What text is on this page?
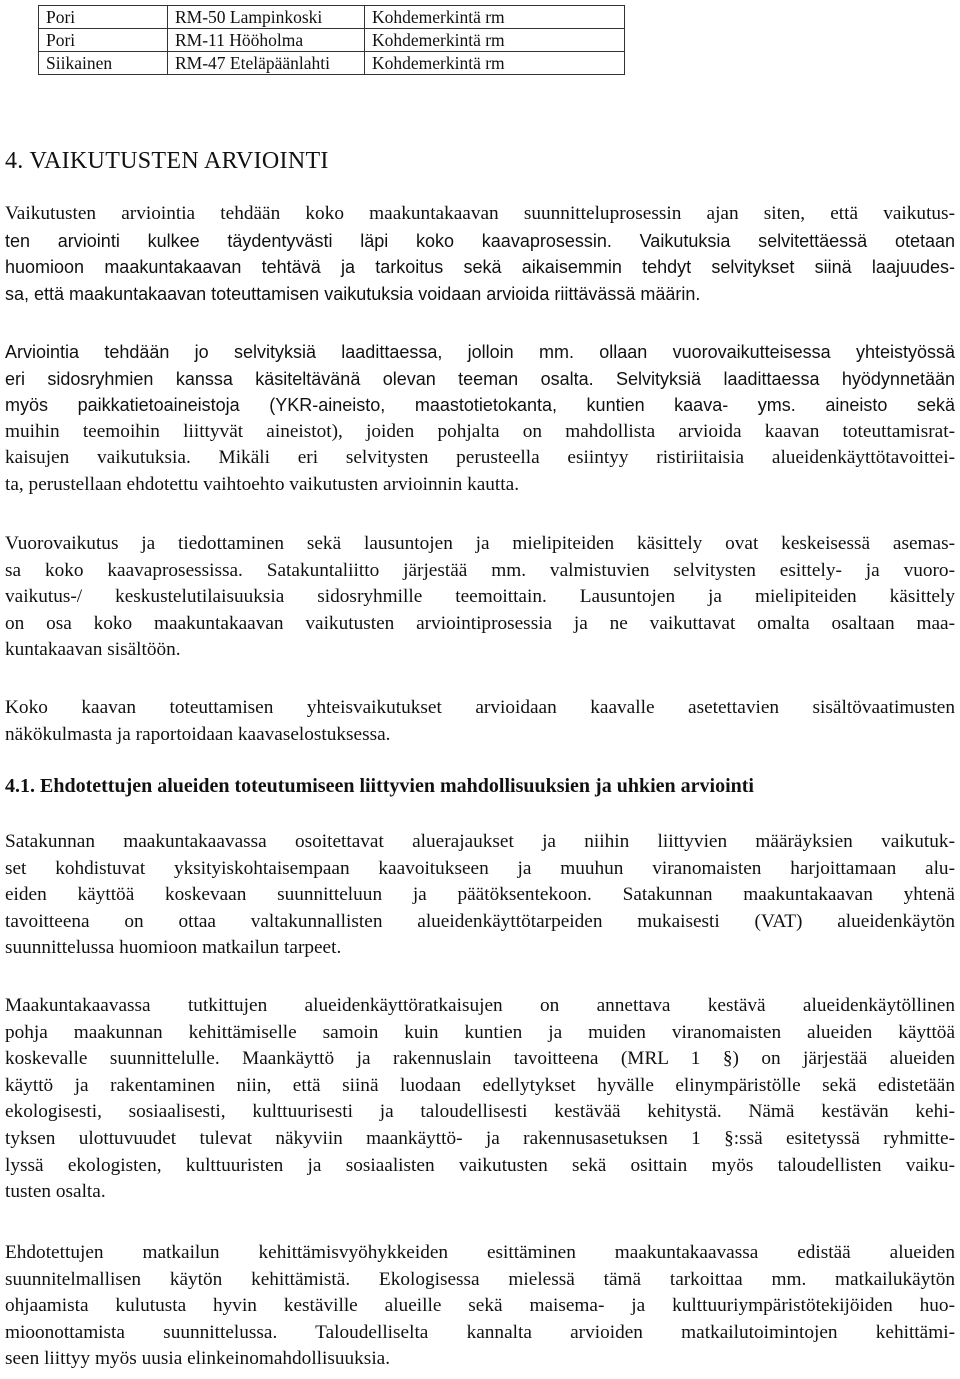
Pori	RM-50 Lampinkoski	Kohdemerkintä rm
Pori	RM-11 Hööholma	Kohdemerkintä rm
Siikainen	RM-47 Eteläpäänlahti	Kohdemerkintä rm
4. VAIKUTUSTEN ARVIOINTI

Vaikutusten arviointia tehdään koko maakuntakaavan suunnitteluprosessin ajan siten, että vaikutus-
ten arviointi kulkee täydentyvästi läpi koko kaavaprosessin. Vaikutuksia selvitettäessä otetaan
huomioon maakuntakaavan tehtävä ja tarkoitus sekä aikaisemmin tehdyt selvitykset siinä laajuudes-
sa, että maakuntakaavan toteuttamisen vaikutuksia voidaan arvioida riittävässä määrin.

Arviointia tehdään jo selvityksiä laadittaessa, jolloin mm. ollaan vuorovaikutteisessa yhteistyössä
eri sidosryhmien kanssa käsiteltävänä olevan teeman osalta. Selvityksiä laadittaessa hyödynnetään
myös paikkatietoaineistoja (YKR-aineisto, maastotietokanta, kuntien kaava- yms. aineisto sekä
muihin teemoihin liittyvät aineistot), joiden pohjalta on mahdollista arvioida kaavan toteuttamisrat-
kaisujen vaikutuksia. Mikäli eri selvitysten perusteella esiintyy ristiriitaisia alueidenkäyttötavoittei-
ta, perustellaan ehdotettu vaihtoehto vaikutusten arvioinnin kautta.

Vuorovaikutus ja tiedottaminen sekä lausuntojen ja mielipiteiden käsittely ovat keskeisessä asemas-
sa koko kaavaprosessissa. Satakuntaliitto järjestää mm. valmistuvien selvitysten esittely- ja vuoro-
vaikutus-/ keskustelutilaisuuksia sidosryhmille teemoittain. Lausuntojen ja mielipiteiden käsittely
on osa koko maakuntakaavan vaikutusten arviointiprosessia ja ne vaikuttavat omalta osaltaan maa-
kuntakaavan sisältöön.

Koko kaavan toteuttamisen yhteisvaikutukset arvioidaan kaavalle asetettavien sisältövaatimusten
näkökulmasta ja raportoidaan kaavaselostuksessa.

4.1. Ehdotettujen alueiden toteutumiseen liittyvien mahdollisuuksien ja uhkien arviointi

Satakunnan maakuntakaavassa osoitettavat aluerajaukset ja niihin liittyvien määräyksien vaikutuk-
set kohdistuvat yksityiskohtaisempaan kaavoitukseen ja muuhun viranomaisten harjoittamaan alu-
eiden käyttöä koskevaan suunnitteluun ja päätöksentekoon. Satakunnan maakuntakaavan yhtenä
tavoitteena on ottaa valtakunnallisten alueidenkäyttötarpeiden mukaisesti (VAT) alueidenkäytön
suunnittelussa huomioon matkailun tarpeet.

Maakuntakaavassa tutkittujen alueidenkäyttöratkaisujen on annettava kestävä alueidenkäytöllinen
pohja maakunnan kehittämiselle samoin kuin kuntien ja muiden viranomaisten alueiden käyttöä
koskevalle suunnittelulle. Maankäyttö ja rakennuslain tavoitteena (MRL 1 §) on järjestää alueiden
käyttö ja rakentaminen niin, että siinä luodaan edellytykset hyvälle elinympäristölle sekä edistetään
ekologisesti, sosiaalisesti, kulttuurisesti ja taloudellisesti kestävää kehitystä. Nämä kestävän kehi-
tyksen ulottuvuudet tulevat näkyviin maankäyttö- ja rakennusasetuksen 1 §:ssä esitetyssä ryhmitte-
lyssä ekologisten, kulttuuristen ja sosiaalisten vaikutusten sekä osittain myös taloudellisten vaiku-
tusten osalta.

Ehdotettujen matkailun kehittämisvyöhykkeiden esittäminen maakuntakaavassa edistää alueiden
suunnitelmallisen käytön kehittämistä. Ekologisessa mielessä tämä tarkoittaa mm. matkailukäytön
ohjaamista kulutusta hyvin kestäville alueille sekä maisema- ja kulttuuriympäristötekijöiden huo-
mioonottamista suunnittelussa. Taloudelliselta kannalta arvioiden matkailutoimintojen kehittämi-
seen liittyy myös uusia elinkeinomahdollisuuksia.
